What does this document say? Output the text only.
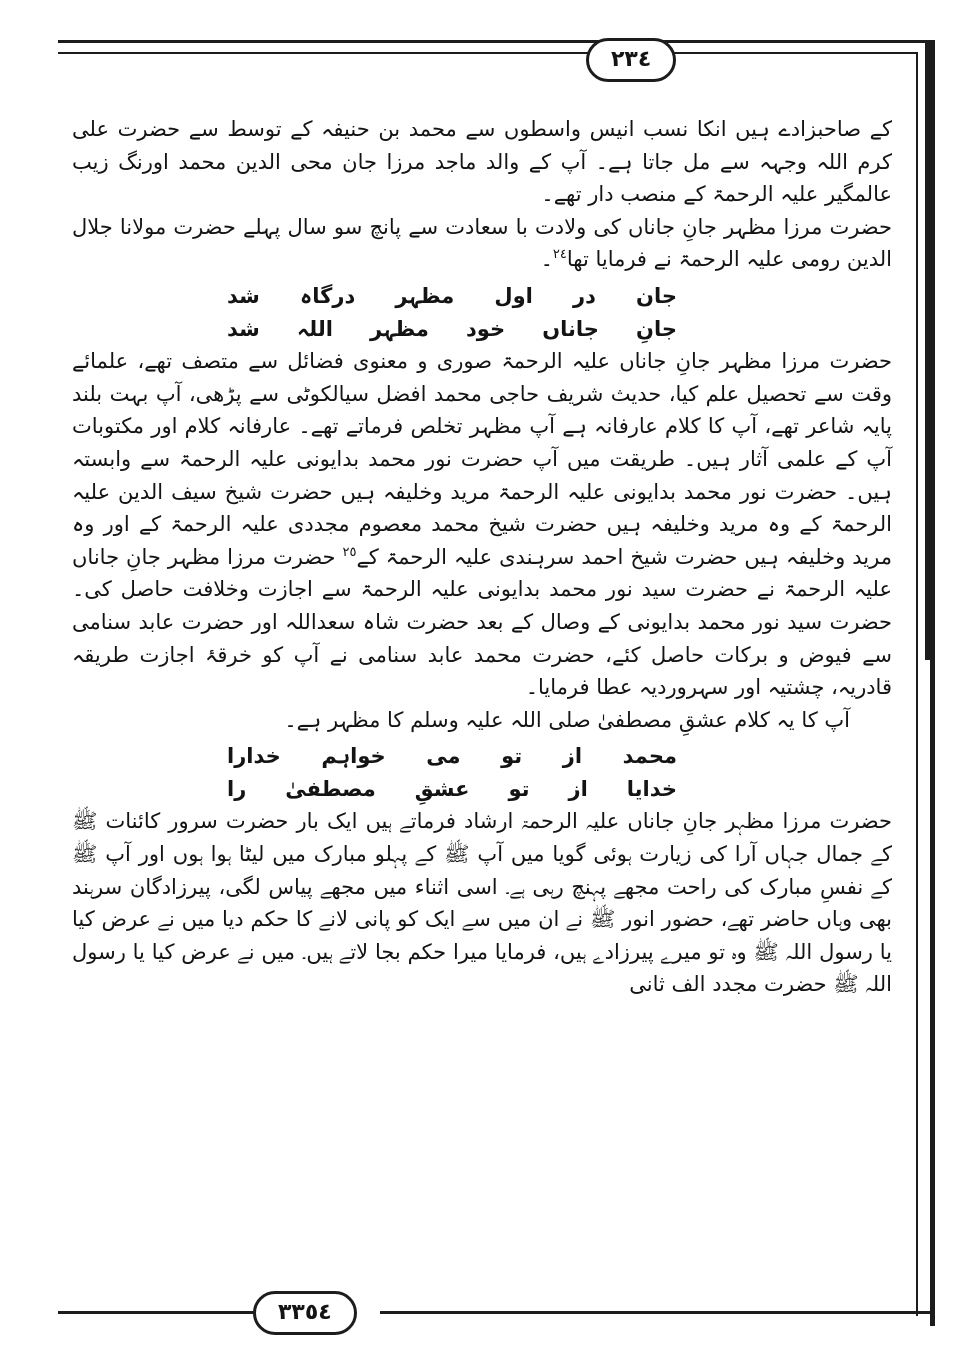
٢٣٤
٣٣٥٤

کے صاحبزادے ہیں انکا نسب انیس واسطوں سے محمد بن حنیفہ کے توسط سے حضرت علی کرم اللہ وجہہ سے مل جاتا ہے۔ آپ کے والد ماجد مرزا جان محی الدین محمد اورنگ زیب عالمگیر علیہ الرحمۃ کے منصب دار تھے۔

حضرت مرزا مظہر جانِ جاناں کی ولادت با سعادت سے پانچ سو سال پہلے حضرت مولانا جلال الدین رومی علیہ الرحمۃ نے فرمایا تھا$^{٢٤}$۔

جان
در
اول
مظہر
درگاہ
شد
جانِ
جاناں
خود
مظہر
اللہ
شد

حضرت مرزا مظہر جانِ جاناں علیہ الرحمۃ صوری و معنوی فضائل سے متصف تھے، علمائے وقت سے تحصیل علم کیا، حدیث شریف حاجی محمد افضل سیالکوٹی سے پڑھی، آپ بہت بلند پایہ شاعر تھے، آپ کا کلام عارفانہ ہے آپ مظہر تخلص فرماتے تھے۔ عارفانہ کلام اور مکتوبات آپ کے علمی آثار ہیں۔ طریقت میں آپ حضرت نور محمد بدایونی علیہ الرحمۃ سے وابستہ ہیں۔ حضرت نور محمد بدایونی علیہ الرحمۃ مرید وخلیفہ ہیں حضرت شیخ سیف الدین علیہ الرحمۃ کے وہ مرید وخلیفہ ہیں حضرت شیخ محمد معصوم مجددی علیہ الرحمۃ کے اور وہ مرید وخلیفہ ہیں حضرت شیخ احمد سرہندی علیہ الرحمۃ کے$^{٢٥}$ حضرت مرزا مظہر جانِ جاناں علیہ الرحمۃ نے حضرت سید نور محمد بدایونی علیہ الرحمۃ سے اجازت وخلافت حاصل کی۔ حضرت سید نور محمد بدایونی کے وصال کے بعد حضرت شاہ سعداللہ اور حضرت عابد سنامی سے فیوض و برکات حاصل کئے، حضرت محمد عابد سنامی نے آپ کو خرقۂ اجازت طریقہ قادریہ، چشتیہ اور سہروردیہ عطا فرمایا۔

آپ کا یہ کلام عشقِ مصطفیٰ صلی اللہ علیہ وسلم کا مظہر ہے۔

محمد
از
تو
می
خواہم
خدارا
خدایا
از
تو
عشقِ
مصطفیٰ
را

حضرت مرزا مظہر جانِ جاناں علیہ الرحمۃ ارشاد فرماتے ہیں ایک بار حضرت سرور کائنات ﷺ کے جمال جہاں آرا کی زیارت ہوئی گویا میں آپ ﷺ کے پہلو مبارک میں لیٹا ہوا ہوں اور آپ ﷺ کے نفسِ مبارک کی راحت مجھے پہنچ رہی ہے۔ اسی اثناء میں مجھے پیاس لگی، پیرزادگان سرہند بھی وہاں حاضر تھے، حضور انور ﷺ نے ان میں سے ایک کو پانی لانے کا حکم دیا میں نے عرض کیا یا رسول اللہ ﷺ وہ تو میرے پیرزادے ہیں، فرمایا میرا حکم بجا لاتے ہیں۔ میں نے عرض کیا یا رسول اللہ ﷺ حضرت مجدد الف ثانی
